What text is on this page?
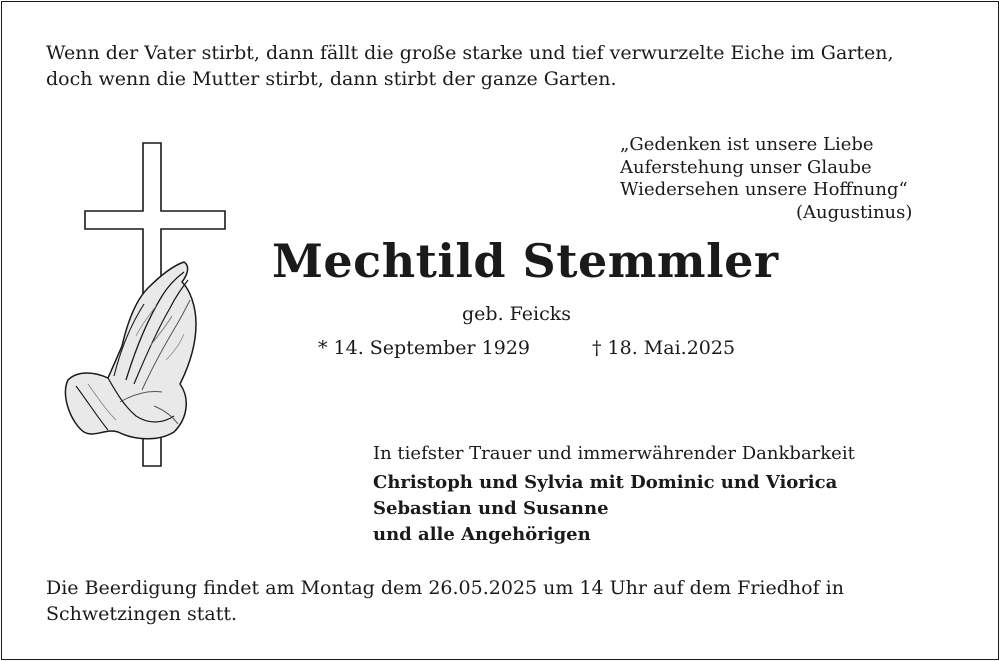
Wenn der Vater stirbt, dann fällt die große starke und tief verwurzelte Eiche im Garten,
doch wenn die Mutter stirbt, dann stirbt der ganze Garten.
„Gedenken ist unsere Liebe
Auferstehung unser Glaube
Wiedersehen unsere Hoffnung“
(Augustinus)
Mechtild Stemmler
geb. Feicks
* 14. September 1929	† 18. Mai.2025
In tiefster Trauer und immerwährender Dankbarkeit
Christoph und Sylvia mit Dominic und Viorica
Sebastian und Susanne
und alle Angehörigen
Die Beerdigung findet am Montag dem 26.05.2025 um 14 Uhr auf dem Friedhof in
Schwetzingen statt.
